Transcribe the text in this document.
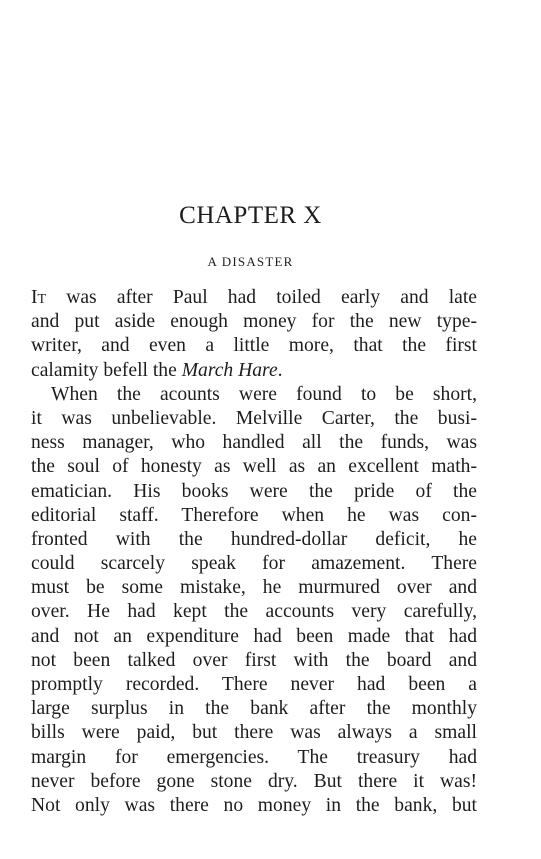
CHAPTER X
A DISASTER
It was after Paul had toiled early and late
and put aside enough money for the new type-
writer, and even a little more, that the first
calamity befell the March Hare.
When the acounts were found to be short,
it was unbelievable. Melville Carter, the busi-
ness manager, who handled all the funds, was
the soul of honesty as well as an excellent math-
ematician. His books were the pride of the
editorial staff. Therefore when he was con-
fronted with the hundred-dollar deficit, he
could scarcely speak for amazement. There
must be some mistake, he murmured over and
over. He had kept the accounts very carefully,
and not an expenditure had been made that had
not been talked over first with the board and
promptly recorded. There never had been a
large surplus in the bank after the monthly
bills were paid, but there was always a small
margin for emergencies. The treasury had
never before gone stone dry. But there it was!
Not only was there no money in the bank, but
